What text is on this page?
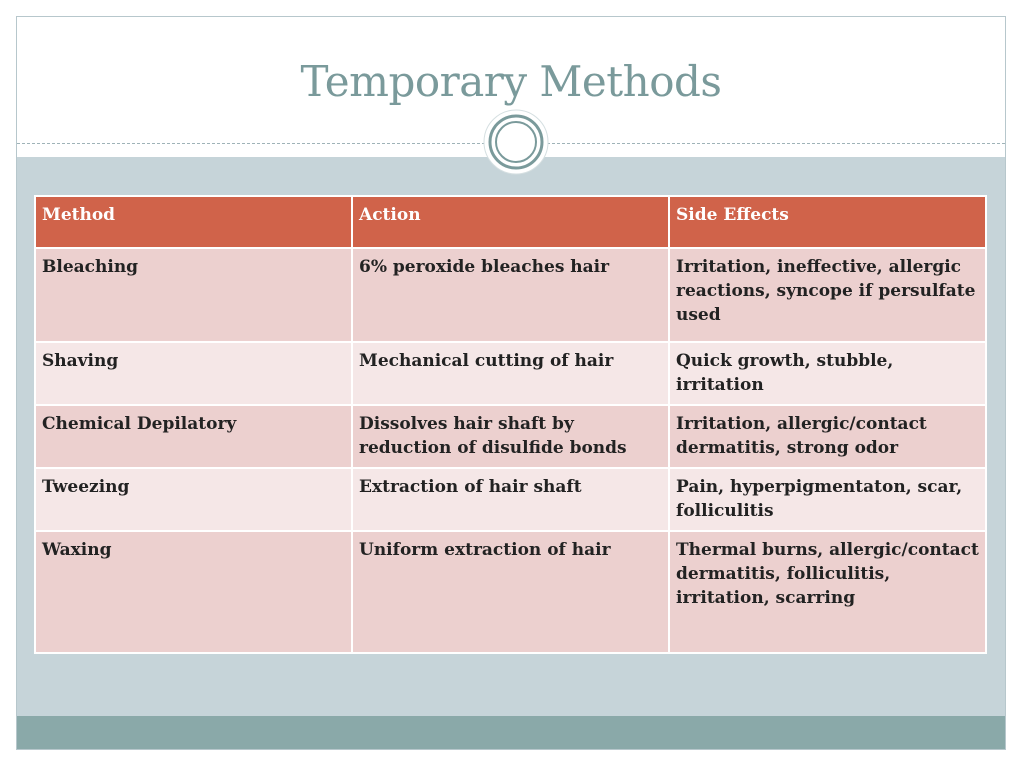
Temporary Methods
Method	Action	Side Effects
Bleaching	6% peroxide bleaches hair	Irritation, ineffective, allergic reactions, syncope if persulfate used
Shaving	Mechanical cutting of hair	Quick growth, stubble, irritation
Chemical Depilatory	Dissolves hair shaft by reduction of disulfide bonds	Irritation, allergic/contact dermatitis, strong odor
Tweezing	Extraction of hair shaft	Pain, hyperpigmentaton, scar, folliculitis
Waxing	Uniform extraction of hair	Thermal burns, allergic/contact dermatitis, folliculitis, irritation, scarring
